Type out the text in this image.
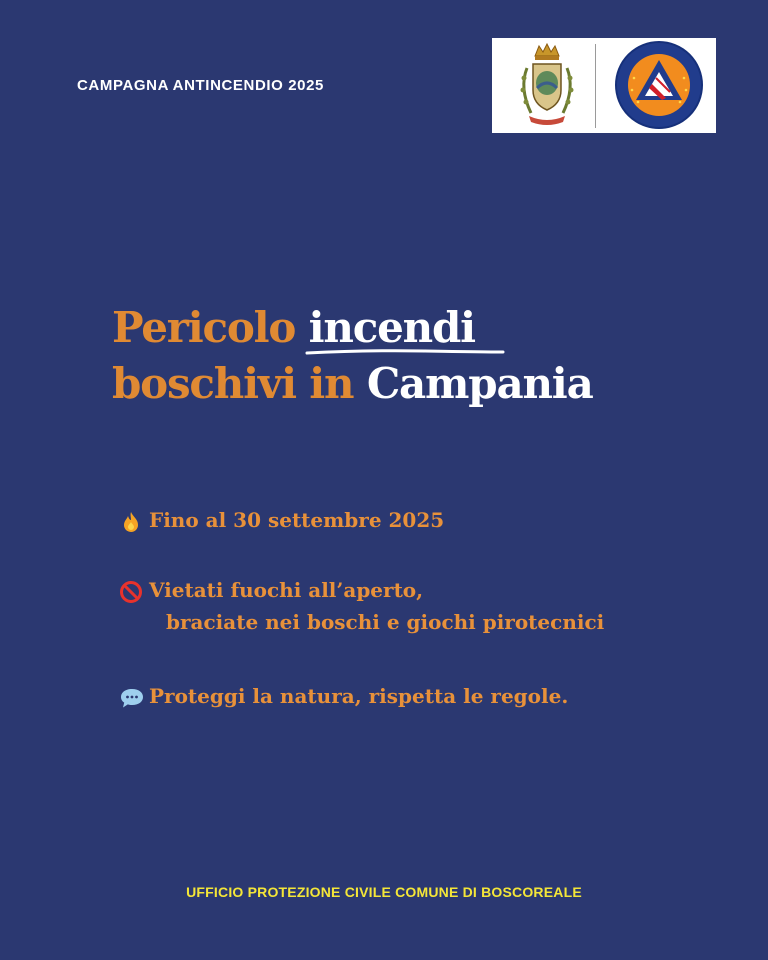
CAMPAGNA ANTINCENDIO 2025
Pericolo incendi
boschivi in Campania
Fino al 30 settembre 2025
Vietati fuochi all’aperto,
braciate nei boschi e giochi pirotecnici
Proteggi la natura, rispetta le regole.
UFFICIO PROTEZIONE CIVILE COMUNE DI BOSCOREALE
